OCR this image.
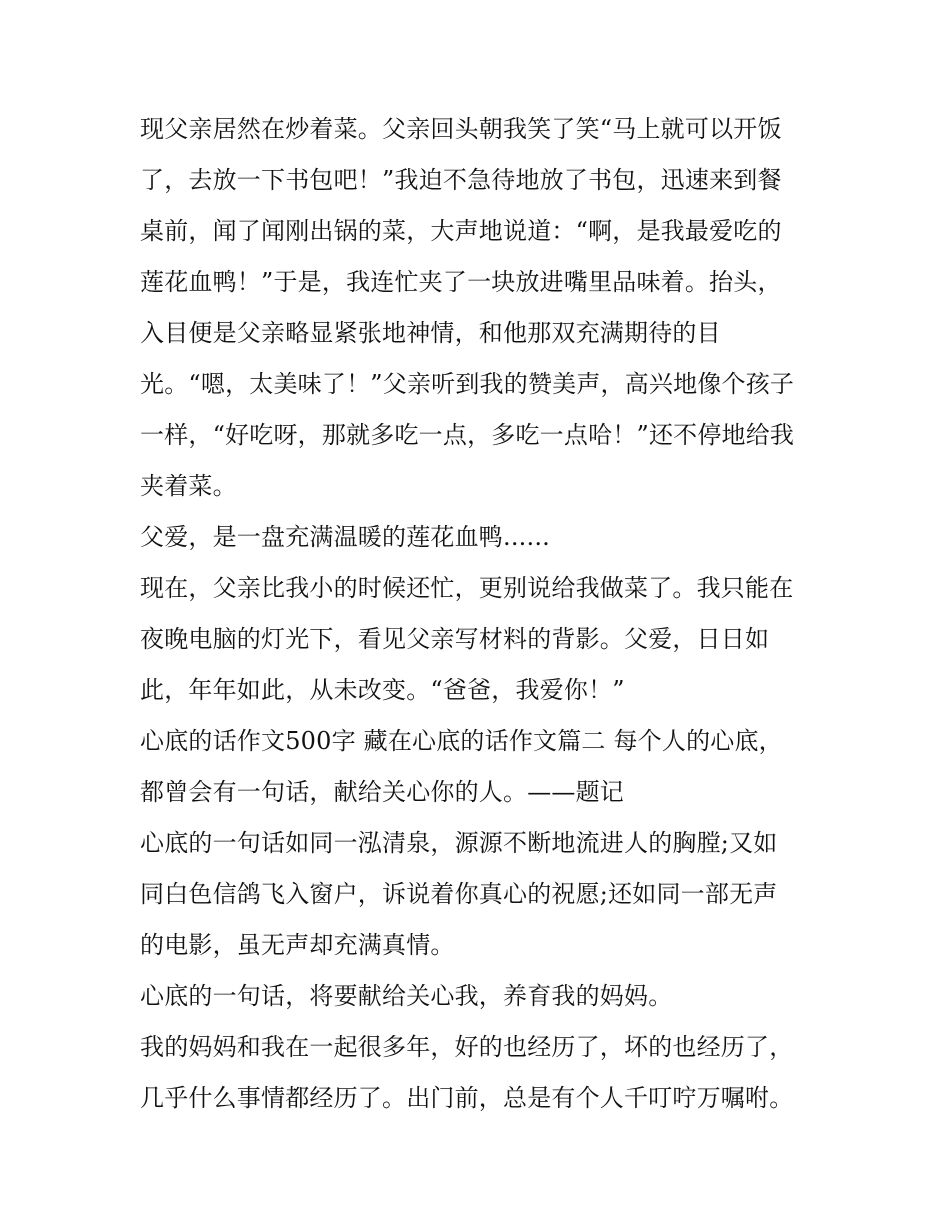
现父亲居然在炒着菜。父亲回头朝我笑了笑“马上就可以开饭
了，去放一下书包吧！”我迫不急待地放了书包，迅速来到餐
桌前，闻了闻刚出锅的菜，大声地说道：“啊，是我最爱吃的
莲花血鸭！”于是，我连忙夹了一块放进嘴里品味着。抬头，
入目便是父亲略显紧张地神情，和他那双充满期待的目
光。“嗯，太美味了！”父亲听到我的赞美声，高兴地像个孩子
一样，“好吃呀，那就多吃一点，多吃一点哈！”还不停地给我
夹着菜。
父爱，是一盘充满温暖的莲花血鸭......
现在，父亲比我小的时候还忙，更别说给我做菜了。我只能在
夜晚电脑的灯光下，看见父亲写材料的背影。父爱，日日如
此，年年如此，从未改变。“爸爸，我爱你！”
心底的话作文500字 藏在心底的话作文篇二 每个人的心底，
都曾会有一句话，献给关心你的人。——题记
心底的一句话如同一泓清泉，源源不断地流进人的胸膛;又如
同白色信鸽飞入窗户，诉说着你真心的祝愿;还如同一部无声
的电影，虽无声却充满真情。
心底的一句话，将要献给关心我，养育我的妈妈。
我的妈妈和我在一起很多年，好的也经历了，坏的也经历了，
几乎什么事情都经历了。出门前，总是有个人千叮咛万嘱咐。
